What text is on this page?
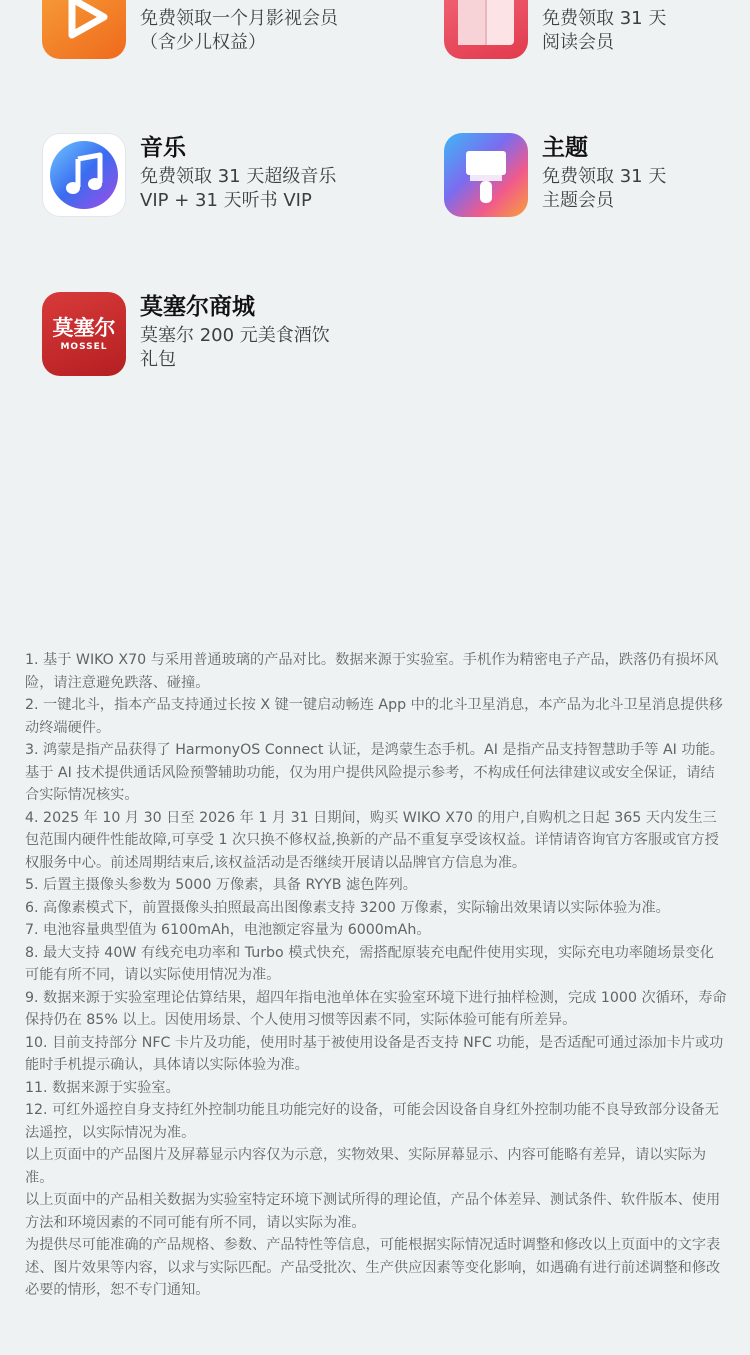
免费领取一个月影视会员
（含少儿权益）
免费领取 31 天
阅读会员
音乐
免费领取 31 天超级音乐
VIP + 31 天听书 VIP
主题
免费领取 31 天
主题会员
莫塞尔
MOSSEL
莫塞尔商城
莫塞尔 200 元美食酒饮
礼包

1. 基于 WIKO X70 与采用普通玻璃的产品对比。数据来源于实验室。手机作为精密电子产品，跌落仍有损坏风险，请注意避免跌落、碰撞。

2. 一键北斗，指本产品支持通过长按 X 键一键启动畅连 App 中的北斗卫星消息，本产品为北斗卫星消息提供移动终端硬件。

3. 鸿蒙是指产品获得了 HarmonyOS Connect 认证，是鸿蒙生态手机。AI 是指产品支持智慧助手等 AI 功能。基于 AI 技术提供通话风险预警辅助功能，仅为用户提供风险提示参考，不构成任何法律建议或安全保证，请结合实际情况核实。

4. 2025 年 10 月 30 日至 2026 年 1 月 31 日期间，购买 WIKO X70 的用户,自购机之日起 365 天内发生三包范围内硬件性能故障,可享受 1 次只换不修权益,换新的产品不重复享受该权益。详情请咨询官方客服或官方授权服务中心。前述周期结束后,该权益活动是否继续开展请以品牌官方信息为准。

5. 后置主摄像头参数为 5000 万像素，具备 RYYB 滤色阵列。

6. 高像素模式下，前置摄像头拍照最高出图像素支持 3200 万像素，实际输出效果请以实际体验为准。

7. 电池容量典型值为 6100mAh，电池额定容量为 6000mAh。

8. 最大支持 40W 有线充电功率和 Turbo 模式快充，需搭配原装充电配件使用实现，实际充电功率随场景变化可能有所不同，请以实际使用情况为准。

9. 数据来源于实验室理论估算结果，超四年指电池单体在实验室环境下进行抽样检测，完成 1000 次循环，寿命保持仍在 85% 以上。因使用场景、个人使用习惯等因素不同，实际体验可能有所差异。

10. 目前支持部分 NFC 卡片及功能，使用时基于被使用设备是否支持 NFC 功能，是否适配可通过添加卡片或功能时手机提示确认，具体请以实际体验为准。

11. 数据来源于实验室。

12. 可红外遥控自身支持红外控制功能且功能完好的设备，可能会因设备自身红外控制功能不良导致部分设备无法遥控，以实际情况为准。

以上页面中的产品图片及屏幕显示内容仅为示意，实物效果、实际屏幕显示、内容可能略有差异，请以实际为准。

以上页面中的产品相关数据为实验室特定环境下测试所得的理论值，产品个体差异、测试条件、软件版本、使用方法和环境因素的不同可能有所不同，请以实际为准。

为提供尽可能准确的产品规格、参数、产品特性等信息，可能根据实际情况适时调整和修改以上页面中的文字表述、图片效果等内容，以求与实际匹配。产品受批次、生产供应因素等变化影响，如遇确有进行前述调整和修改必要的情形，恕不专门通知。
